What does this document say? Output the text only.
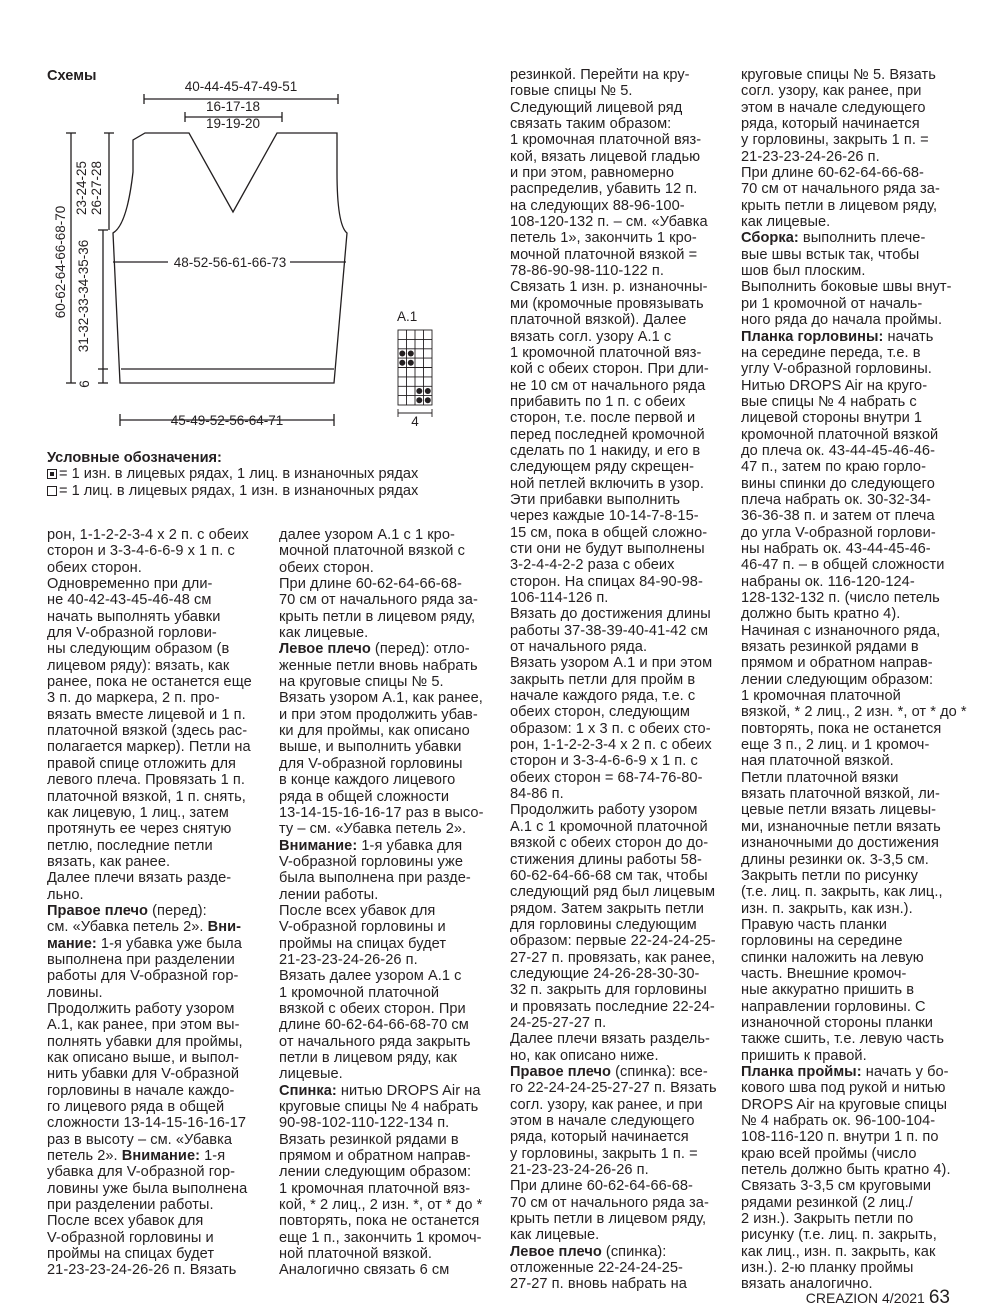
Схемы
40-44-45-47-49-51
16-17-18
19-19-20
48-52-56-61-66-73
45-49-52-56-64-71
60-62-64-66-68-70 31-32-33-34-35-36
6
23-24-25 26-27-28
A.1
4

Условные обозначения:

= 1 изн. в лицевых рядах, 1 лиц. в изнаночных рядах

= 1 лиц. в лицевых рядах, 1 изн. в изнаночных рядах

рон, 1-1-2-2-3-4 х 2 п. с обеих

сторон и 3-3-4-6-6-9 х 1 п. с

обеих сторон.

Одновременно при дли-

не 40-42-43-45-46-48 см

начать выполнять убавки

для V-образной горлови-

ны следующим образом (в

лицевом ряду): вязать, как

ранее, пока не останется еще

3 п. до маркера, 2 п. про-

вязать вместе лицевой и 1 п.

платочной вязкой (здесь рас-

полагается маркер). Петли на

правой спице отложить для

левого плеча. Провязать 1 п.

платочной вязкой, 1 п. снять,

как лицевую, 1 лиц., затем

протянуть ее через снятую

петлю, последние петли

вязать, как ранее.

Далее плечи вязать разде-

льно.

Правое плечо (перед):

см. «Убавка петель 2». Вни-

мание: 1-я убавка уже была

выполнена при разделении

работы для V-образной гор-

ловины.

Продолжить работу узором

А.1, как ранее, при этом вы-

полнять убавки для проймы,

как описано выше, и выпол-

нить убавки для V-образной

горловины в начале каждо-

го лицевого ряда в общей

сложности 13-14-15-16-16-17

раз в высоту – см. «Убавка

петель 2». Внимание: 1-я

убавка для V-образной гор-

ловины уже была выполнена

при разделении работы.

После всех убавок для

V-образной горловины и

проймы на спицах будет

21-23-23-24-26-26 п. Вязать

далее узором А.1 с 1 кро-

мочной платочной вязкой с

обеих сторон.

При длине 60-62-64-66-68-

70 см от начального ряда за-

крыть петли в лицевом ряду,

как лицевые.

Левое плечо (перед): отло-

женные петли вновь набрать

на круговые спицы № 5.

Вязать узором А.1, как ранее,

и при этом продолжить убав-

ки для проймы, как описано

выше, и выполнить убавки

для V-образной горловины

в конце каждого лицевого

ряда в общей сложности

13-14-15-16-16-17 раз в высо-

ту – см. «Убавка петель 2».

Внимание: 1-я убавка для

V-образной горловины уже

была выполнена при разде-

лении работы.

После всех убавок для

V-образной горловины и

проймы на спицах будет

21-23-23-24-26-26 п.

Вязать далее узором А.1 с

1 кромочной платочной

вязкой с обеих сторон. При

длине 60-62-64-66-68-70 см

от начального ряда закрыть

петли в лицевом ряду, как

лицевые.

Спинка: нитью DROPS Air на

круговые спицы № 4 набрать

90-98-102-110-122-134 п.

Вязать резинкой рядами в

прямом и обратном направ-

лении следующим образом:

1 кромочная платочной вяз-

кой, * 2 лиц., 2 изн. *, от * до *

повторять, пока не останется

еще 1 п., закончить 1 кромоч-

ной платочной вязкой.

Аналогично связать 6 см

резинкой. Перейти на кру-

говые спицы № 5.

Следующий лицевой ряд

связать таким образом:

1 кромочная платочной вяз-

кой, вязать лицевой гладью

и при этом, равномерно

распределив, убавить 12 п.

на следующих 88-96-100-

108-120-132 п. – см. «Убавка

петель 1», закончить 1 кро-

мочной платочной вязкой =

78-86-90-98-110-122 п.

Связать 1 изн. р. изнаночны-

ми (кромочные провязывать

платочной вязкой). Далее

вязать согл. узору А.1 с

1 кромочной платочной вяз-

кой с обеих сторон. При дли-

не 10 см от начального ряда

прибавить по 1 п. с обеих

сторон, т.е. после первой и

перед последней кромочной

сделать по 1 накиду, и его в

следующем ряду скрещен-

ной петлей включить в узор.

Эти прибавки выполнить

через каждые 10-14-7-8-15-

15 см, пока в общей сложно-

сти они не будут выполнены

3-2-4-4-2-2 раза с обеих

сторон. На спицах 84-90-98-

106-114-126 п.

Вязать до достижения длины

работы 37-38-39-40-41-42 см

от начального ряда.

Вязать узором А.1 и при этом

закрыть петли для пройм в

начале каждого ряда, т.е. с

обеих сторон, следующим

образом: 1 х 3 п. с обеих сто-

рон, 1-1-2-2-3-4 х 2 п. с обеих

сторон и 3-3-4-6-6-9 х 1 п. с

обеих сторон = 68-74-76-80-

84-86 п.

Продолжить работу узором

А.1 с 1 кромочной платочной

вязкой с обеих сторон до до-

стижения длины работы 58-

60-62-64-66-68 см так, чтобы

следующий ряд был лицевым

рядом. Затем закрыть петли

для горловины следующим

образом: первые 22-24-24-25-

27-27 п. провязать, как ранее,

следующие 24-26-28-30-30-

32 п. закрыть для горловины

и провязать последние 22-24-

24-25-27-27 п.

Далее плечи вязать раздель-

но, как описано ниже.

Правое плечо (спинка): все-

го 22-24-24-25-27-27 п. Вязать

согл. узору, как ранее, и при

этом в начале следующего

ряда, который начинается

у горловины, закрыть 1 п. =

21-23-23-24-26-26 п.

При длине 60-62-64-66-68-

70 см от начального ряда за-

крыть петли в лицевом ряду,

как лицевые.

Левое плечо (спинка):

отложенные 22-24-24-25-

27-27 п. вновь набрать на

круговые спицы № 5. Вязать

согл. узору, как ранее, при

этом в начале следующего

ряда, который начинается

у горловины, закрыть 1 п. =

21-23-23-24-26-26 п.

При длине 60-62-64-66-68-

70 см от начального ряда за-

крыть петли в лицевом ряду,

как лицевые.

Сборка: выполнить плече-

вые швы встык так, чтобы

шов был плоским.

Выполнить боковые швы внут-

ри 1 кромочной от началь-

ного ряда до начала проймы.

Планка горловины: начать

на середине переда, т.е. в

углу V-образной горловины.

Нитью DROPS Air на круго-

вые спицы № 4 набрать с

лицевой стороны внутри 1

кромочной платочной вязкой

до плеча ок. 43-44-45-46-46-

47 п., затем по краю горло-

вины спинки до следующего

плеча набрать ок. 30-32-34-

36-36-38 п. и затем от плеча

до угла V-образной горлови-

ны набрать ок. 43-44-45-46-

46-47 п. – в общей сложности

набраны ок. 116-120-124-

128-132-132 п. (число петель

должно быть кратно 4).

Начиная с изнаночного ряда,

вязать резинкой рядами в

прямом и обратном направ-

лении следующим образом:

1 кромочная платочной

вязкой, * 2 лиц., 2 изн. *, от * до *

повторять, пока не останется

еще 3 п., 2 лиц. и 1 кромоч-

ная платочной вязкой.

Петли платочной вязки

вязать платочной вязкой, ли-

цевые петли вязать лицевы-

ми, изнаночные петли вязать

изнаночными до достижения

длины резинки ок. 3-3,5 см.

Закрыть петли по рисунку

(т.е. лиц. п. закрыть, как лиц.,

изн. п. закрыть, как изн.).

Правую часть планки

горловины на середине

спинки наложить на левую

часть. Внешние кромоч-

ные аккуратно пришить в

направлении горловины. С

изнаночной стороны планки

также сшить, т.е. левую часть

пришить к правой.

Планка проймы: начать у бо-

кового шва под рукой и нитью

DROPS Air на круговые спицы

№ 4 набрать ок. 96-100-104-

108-116-120 п. внутри 1 п. по

краю всей проймы (число

петель должно быть кратно 4).

Связать 3-3,5 см круговыми

рядами резинкой (2 лиц./

2 изн.). Закрыть петли по

рисунку (т.е. лиц. п. закрыть,

как лиц., изн. п. закрыть, как

изн.). 2-ю планку проймы

вязать аналогично.

CREAZION 4/2021 63
